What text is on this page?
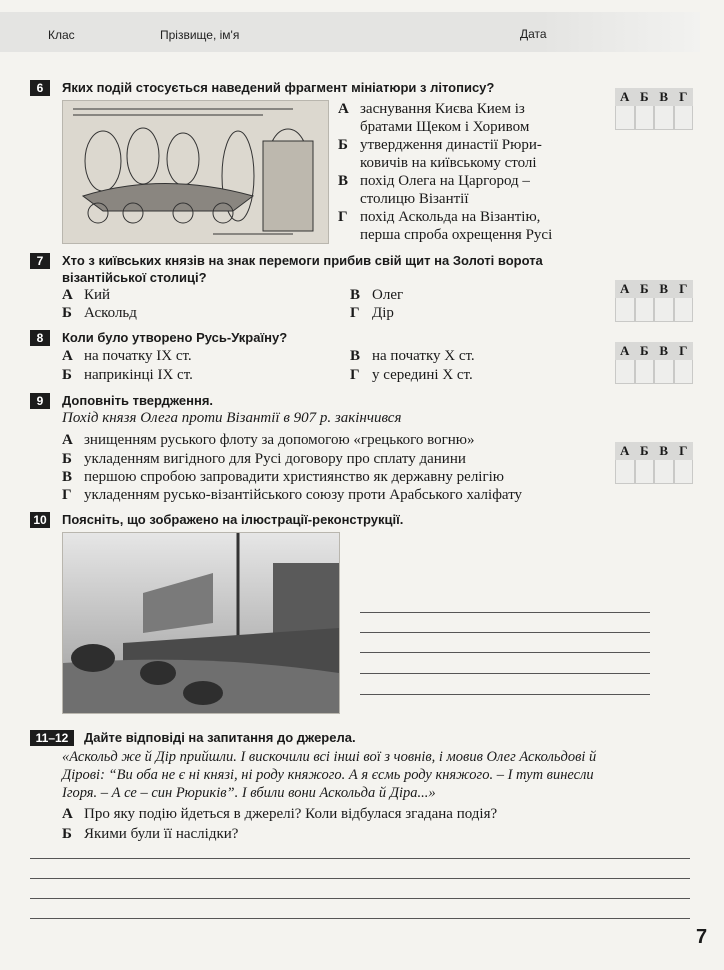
Клас	Прізвище, ім'я	Дата
6	Яких подій стосується наведений фрагмент мініатюри з літопису?
А заснування Києва Кием із
братами Щеком і Хоривом
Б утвердження династії Рюри-
ковичів на київському столі
В похід Олега на Царгород –
столицю Візантії
Г похід Аскольда на Візантію,
перша спроба охрещення Русі
А Б В Г
7	Хто з київських князів на знак перемоги прибив свій щит на Золоті ворота
візантійської столиці?
А Кий
Б Аскольд
В Олег
Г Дір
А Б В Г
8	Коли було утворено Русь-Україну?
А на початку ІХ ст.
Б наприкінці ІХ ст.
В на початку Х ст.
Г у середині Х ст.
А Б В Г
9	Доповніть твердження.
Похід князя Олега проти Візантії в 907 р. закінчився
А знищенням руського флоту за допомогою «грецького вогню»
Б укладенням вигідного для Русі договору про сплату данини
В першою спробою запровадити християнство як державну релігію
Г укладенням русько-візантійського союзу проти Арабського халіфату
А Б В Г
10 Поясніть, що зображено на ілюстрації-реконструкції.
11–12	Дайте відповіді на запитання до джерела.
«Аскольд же й Дір прийшли. І вискочили всі інші вої з човнів, і мовив Олег Аскольдові й
Дірові: “Ви оба не є ні князі, ні роду княжого. А я єсмь роду княжого. – І тут винесли
Ігоря. – А се – син Рюриків”. І вбили вони Аскольда й Діра...»
А Про яку подію йдеться в джерелі? Коли відбулася згадана подія?
Б Якими були її наслідки?
7
